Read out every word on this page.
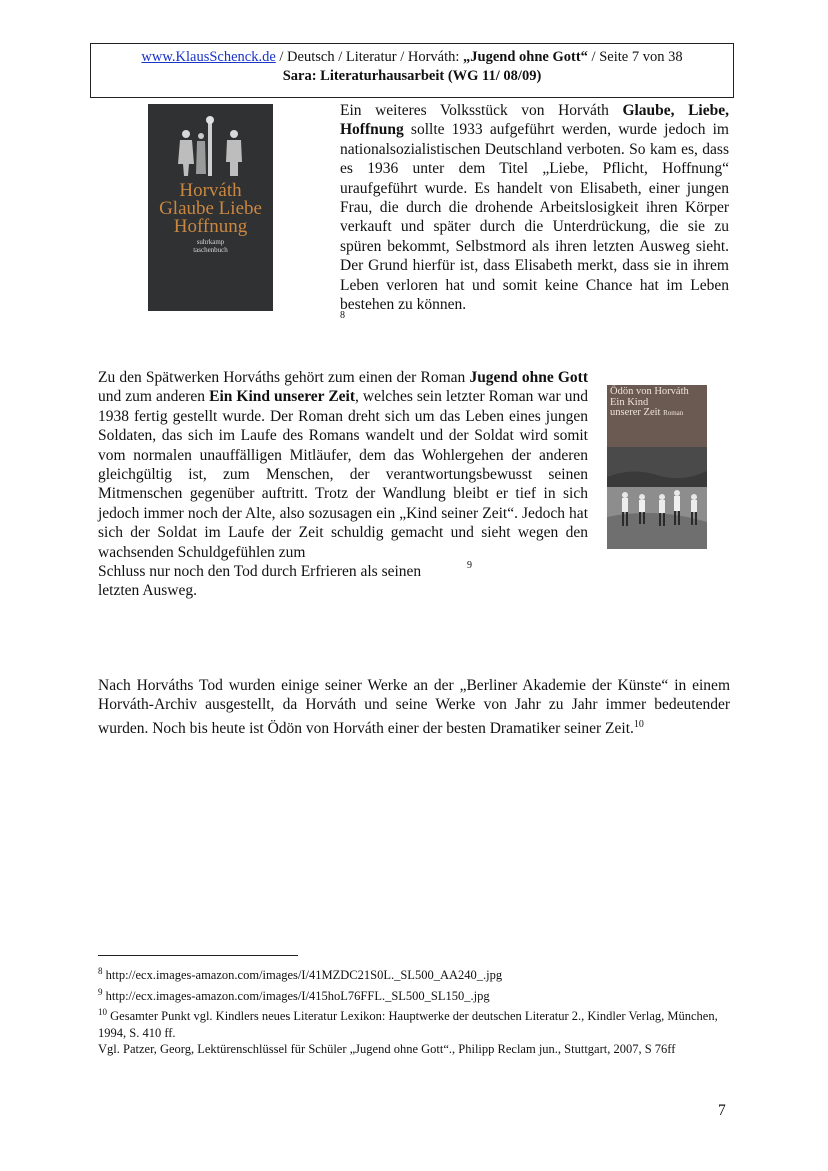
www.KlausSchenck.de / Deutsch / Literatur / Horváth: „Jugend ohne Gott“ / Seite 7 von 38
Sara: Literaturhausarbeit (WG 11/ 08/09)
Horváth
Glaube Liebe
Hoffnung
suhrkamp
taschenbuch

Ein weiteres Volksstück von Horváth Glaube, Liebe, Hoffnung sollte 1933 aufgeführt werden, wurde jedoch im nationalsozialistischen Deutschland verboten. So kam es, dass es 1936 unter dem Titel „Liebe, Pflicht, Hoffnung“ uraufgeführt wurde. Es handelt von Elisabeth, einer jungen Frau, die durch die drohende Arbeitslosigkeit ihren Körper verkauft und später durch die Unterdrückung, die sie zu spüren bekommt, Selbstmord als ihren letzten Ausweg sieht. Der Grund hierfür ist, dass Elisabeth merkt, dass sie in ihrem Leben verloren hat und somit keine Chance hat im Leben bestehen zu können.

8

Zu den Spätwerken Horváths gehört zum einen der Roman Jugend ohne Gott und zum anderen Ein Kind unserer Zeit, welches sein letzter Roman war und 1938 fertig gestellt wurde. Der Roman dreht sich um das Leben eines jungen Soldaten, das sich im Laufe des Romans wandelt und der Soldat wird somit vom normalen unauffälligen Mitläufer, dem das Wohlergehen der anderen gleichgültig ist, zum Menschen, der verantwortungsbewusst seinen Mitmenschen gegenüber auftritt. Trotz der Wandlung bleibt er tief in sich jedoch immer noch der Alte, also sozusagen ein „Kind seiner Zeit“. Jedoch hat sich der Soldat im Laufe der Zeit schuldig gemacht und sieht wegen den wachsenden Schuldgefühlen zum
Schluss nur noch den Tod durch Erfrieren als seinen
letzten Ausweg.

9
Ödön von Horváth
Ein Kind
unserer Zeit Roman

Nach Horváths Tod wurden einige seiner Werke an der „Berliner Akademie der Künste“ in einem Horváth-Archiv ausgestellt, da Horváth und seine Werke von Jahr zu Jahr immer bedeutender wurden. Noch bis heute ist Ödön von Horváth einer der besten Dramatiker seiner Zeit.$^{10}$

$^8$ http://ecx.images-amazon.com/images/I/41MZDC21S0L._SL500_AA240_.jpg
$^9$ http://ecx.images-amazon.com/images/I/415hoL76FFL._SL500_SL150_.jpg
$^{10}$ Gesamter Punkt vgl. Kindlers neues Literatur Lexikon: Hauptwerke der deutschen Literatur 2., Kindler Verlag, München, 1994, S. 410 ff.
Vgl. Patzer, Georg, Lektürenschlüssel für Schüler „Jugend ohne Gott“., Philipp Reclam jun., Stuttgart, 2007, S 76ff
7
